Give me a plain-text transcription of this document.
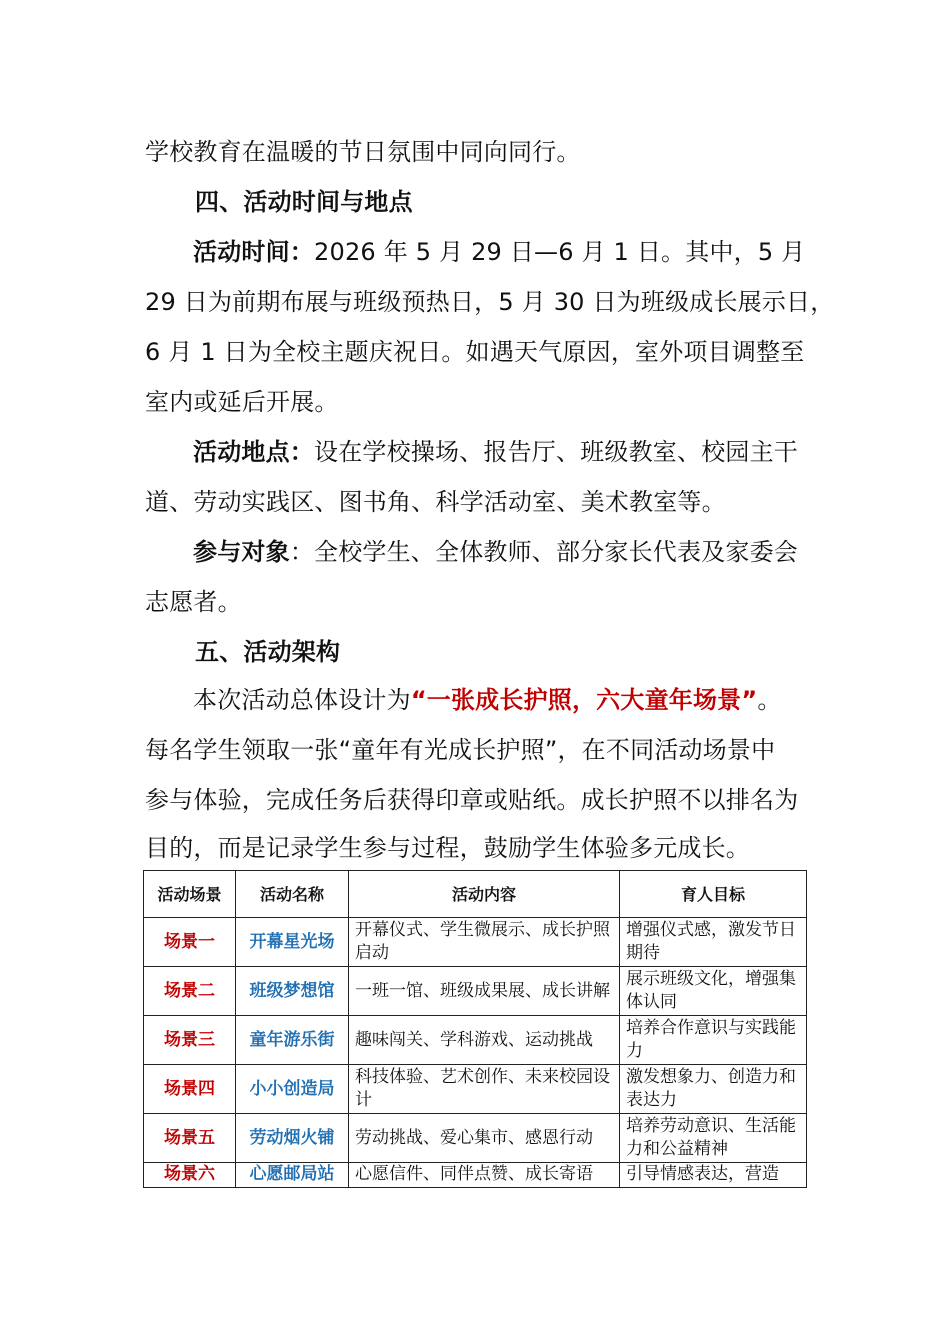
学校教育在温暖的节日氛围中同向同行。
四、活动时间与地点
活动时间：2026 年 5 月 29 日—6 月 1 日。其中，5 月
29 日为前期布展与班级预热日，5 月 30 日为班级成长展示日，
6 月 1 日为全校主题庆祝日。如遇天气原因，室外项目调整至
室内或延后开展。
活动地点：设在学校操场、报告厅、班级教室、校园主干
道、劳动实践区、图书角、科学活动室、美术教室等。
参与对象：全校学生、全体教师、部分家长代表及家委会
志愿者。
五、活动架构
本次活动总体设计为“一张成长护照，六大童年场景”。
每名学生领取一张“童年有光成长护照”，在不同活动场景中
参与体验，完成任务后获得印章或贴纸。成长护照不以排名为
目的，而是记录学生参与过程，鼓励学生体验多元成长。
活动场景	活动名称	活动内容	育人目标
场景一	开幕星光场	开幕仪式、学生微展示、成长护照启动	增强仪式感，激发节日期待
场景二	班级梦想馆	一班一馆、班级成果展、成长讲解	展示班级文化，增强集体认同
场景三	童年游乐街	趣味闯关、学科游戏、运动挑战	培养合作意识与实践能力
场景四	小小创造局	科技体验、艺术创作、未来校园设计	激发想象力、创造力和表达力
场景五	劳动烟火铺	劳动挑战、爱心集市、感恩行动	培养劳动意识、生活能力和公益精神
场景六	心愿邮局站	心愿信件、同伴点赞、成长寄语	引导情感表达，营造
